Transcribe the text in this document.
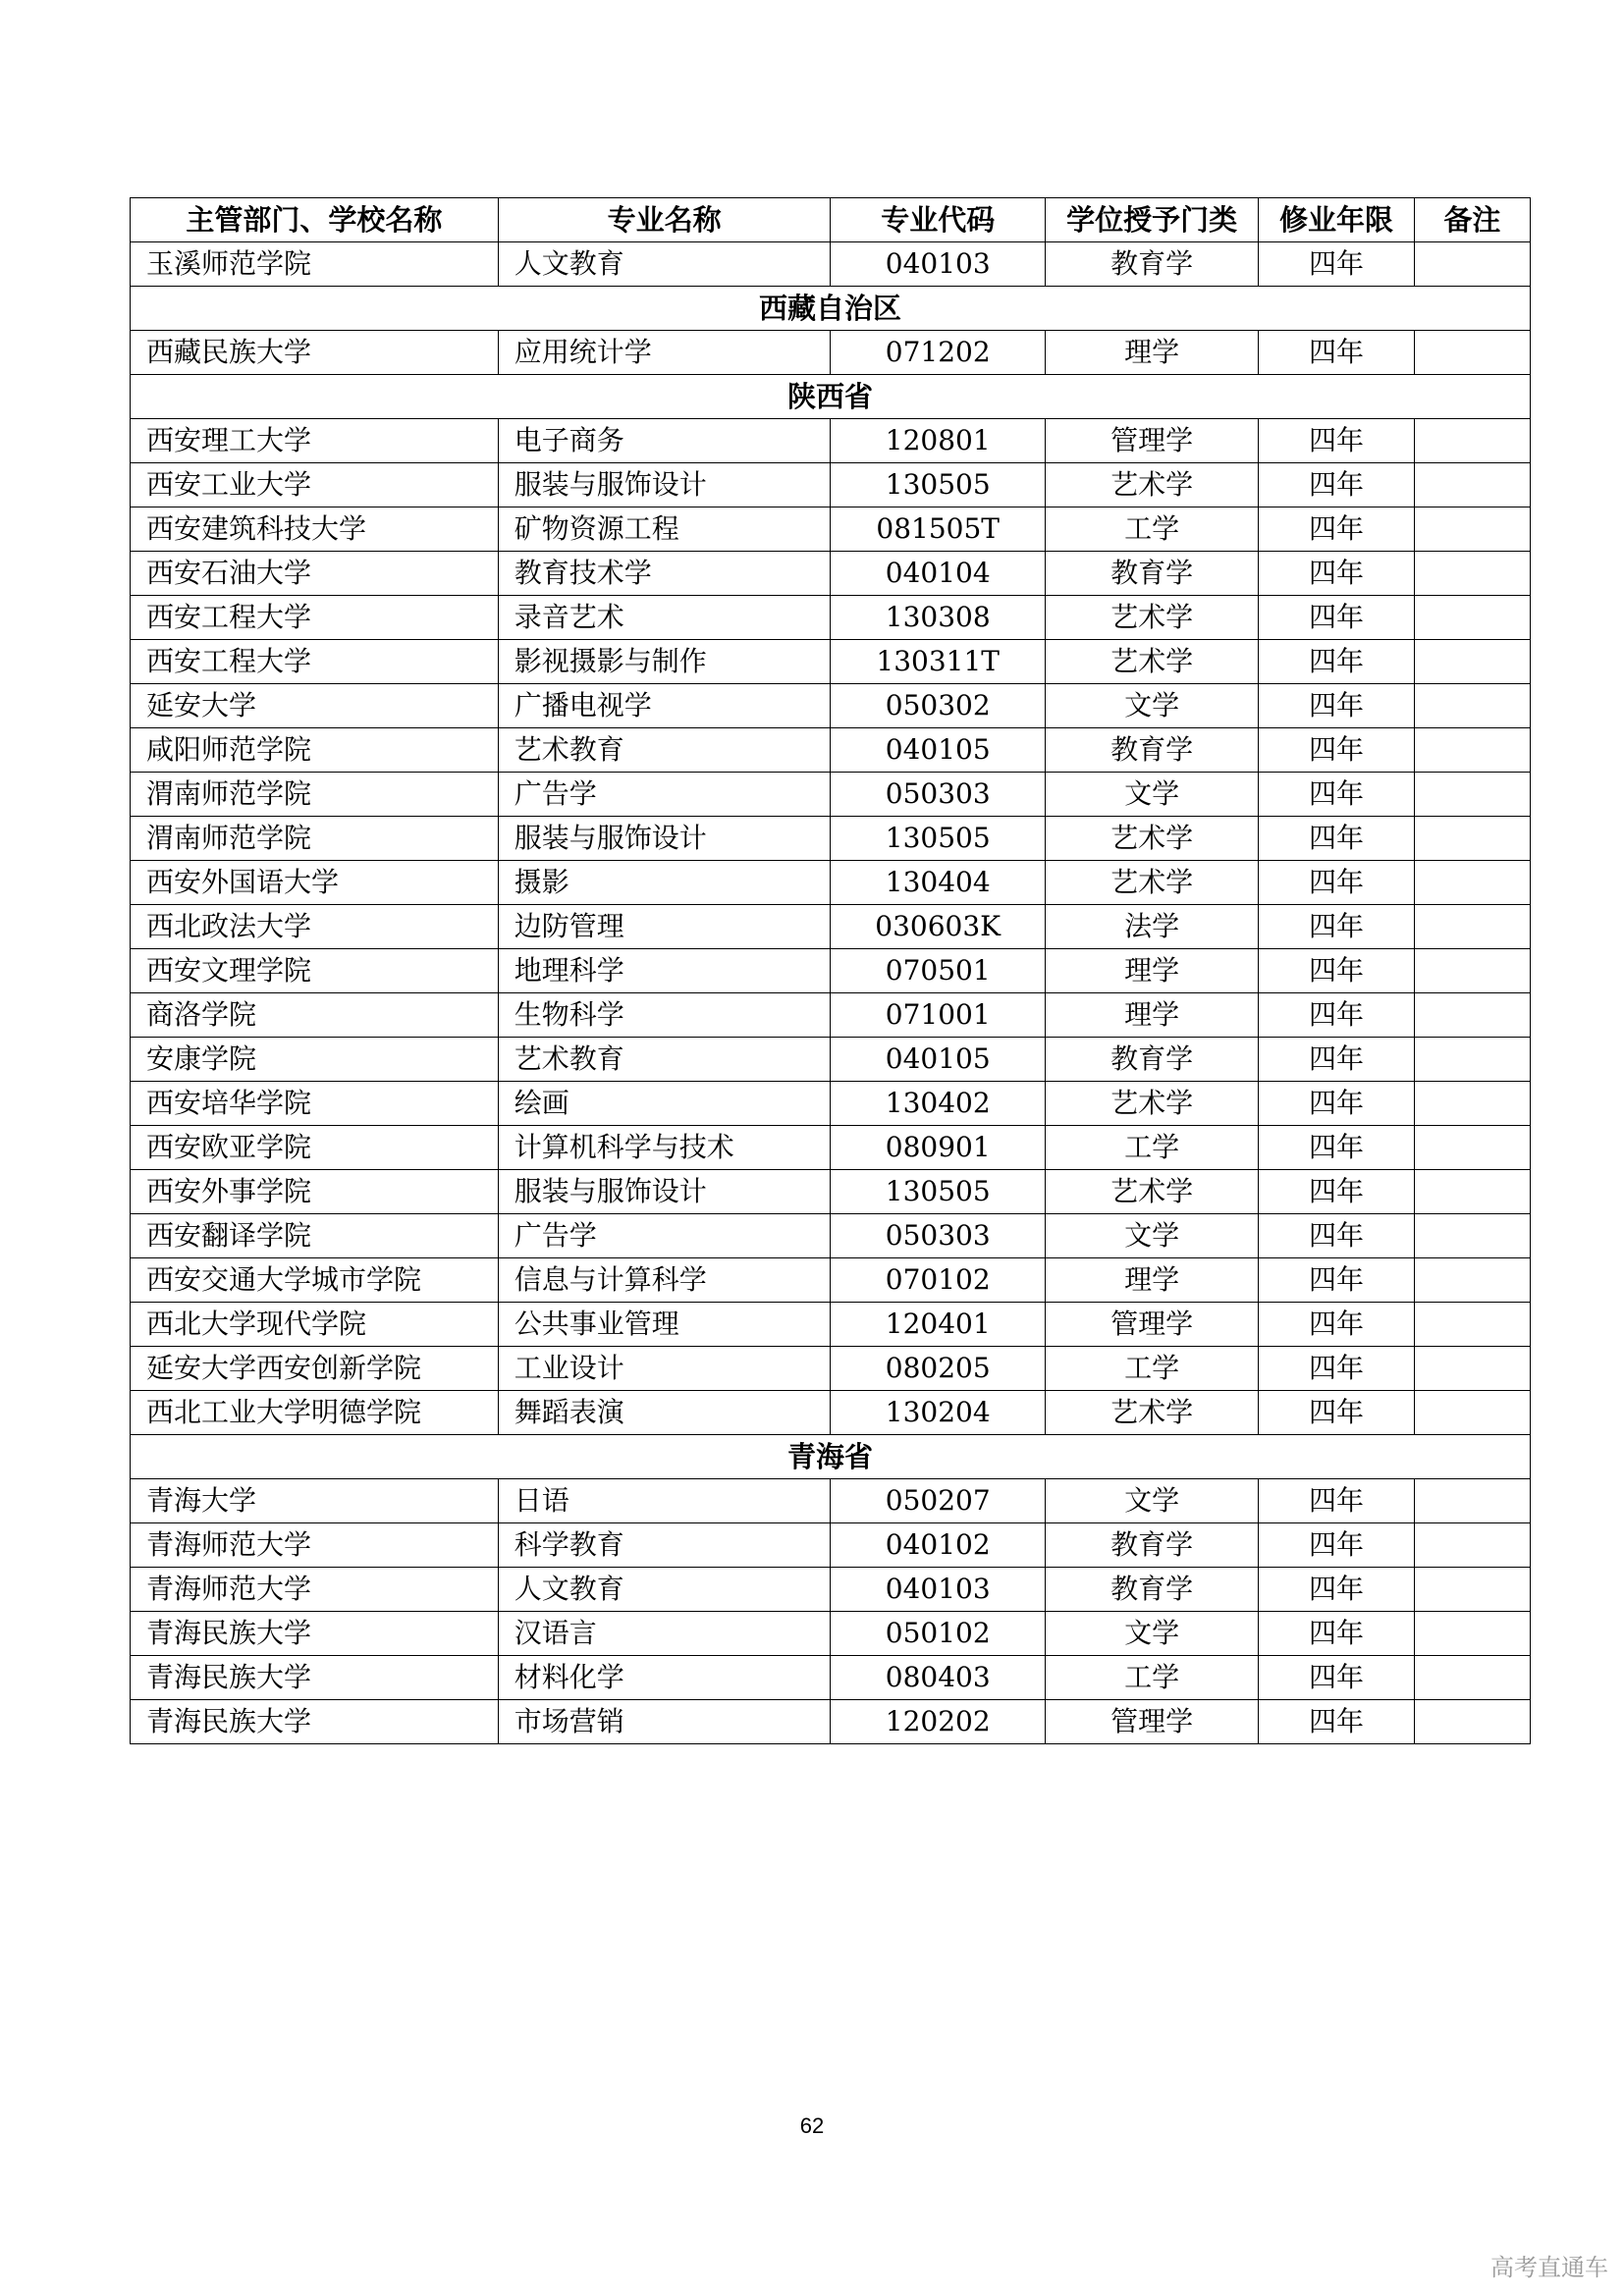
主管部门、学校名称	专业名称	专业代码	学位授予门类	修业年限	备注
玉溪师范学院	人文教育	040103	教育学	四年	
西藏自治区					
西藏民族大学	应用统计学	071202	理学	四年	
陕西省					
西安理工大学	电子商务	120801	管理学	四年	
西安工业大学	服装与服饰设计	130505	艺术学	四年	
西安建筑科技大学	矿物资源工程	081505T	工学	四年	
西安石油大学	教育技术学	040104	教育学	四年	
西安工程大学	录音艺术	130308	艺术学	四年	
西安工程大学	影视摄影与制作	130311T	艺术学	四年	
延安大学	广播电视学	050302	文学	四年	
咸阳师范学院	艺术教育	040105	教育学	四年	
渭南师范学院	广告学	050303	文学	四年	
渭南师范学院	服装与服饰设计	130505	艺术学	四年	
西安外国语大学	摄影	130404	艺术学	四年	
西北政法大学	边防管理	030603K	法学	四年	
西安文理学院	地理科学	070501	理学	四年	
商洛学院	生物科学	071001	理学	四年	
安康学院	艺术教育	040105	教育学	四年	
西安培华学院	绘画	130402	艺术学	四年	
西安欧亚学院	计算机科学与技术	080901	工学	四年	
西安外事学院	服装与服饰设计	130505	艺术学	四年	
西安翻译学院	广告学	050303	文学	四年	
西安交通大学城市学院	信息与计算科学	070102	理学	四年	
西北大学现代学院	公共事业管理	120401	管理学	四年	
延安大学西安创新学院	工业设计	080205	工学	四年	
西北工业大学明德学院	舞蹈表演	130204	艺术学	四年	
青海省					
青海大学	日语	050207	文学	四年	
青海师范大学	科学教育	040102	教育学	四年	
青海师范大学	人文教育	040103	教育学	四年	
青海民族大学	汉语言	050102	文学	四年	
青海民族大学	材料化学	080403	工学	四年	
青海民族大学	市场营销	120202	管理学	四年	
62
高考直通车
